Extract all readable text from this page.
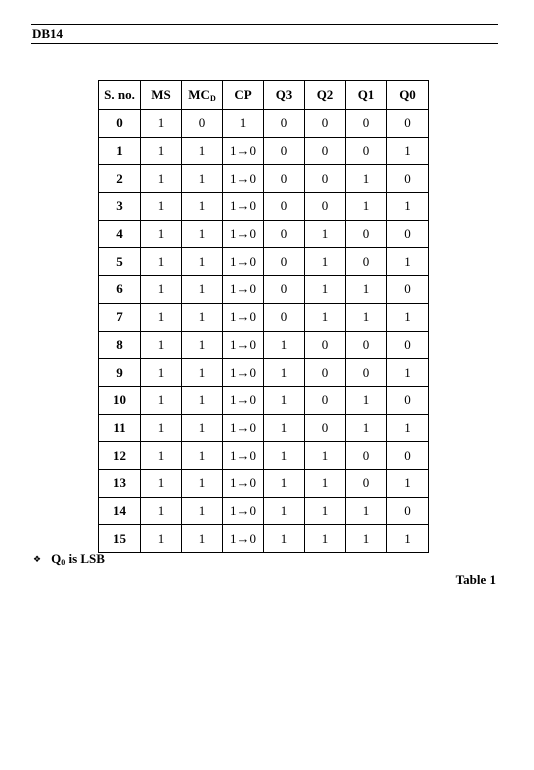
DB14
S. no.	MS	$MC_D$	CP	Q3	Q2	Q1	Q0
0	1	0	1	0	0	0	0
1	1	1	1→0	0	0	0	1
2	1	1	1→0	0	0	1	0
3	1	1	1→0	0	0	1	1
4	1	1	1→0	0	1	0	0
5	1	1	1→0	0	1	0	1
6	1	1	1→0	0	1	1	0
7	1	1	1→0	0	1	1	1
8	1	1	1→0	1	0	0	0
9	1	1	1→0	1	0	0	1
10	1	1	1→0	1	0	1	0
11	1	1	1→0	1	0	1	1
12	1	1	1→0	1	1	0	0
13	1	1	1→0	1	1	0	1
14	1	1	1→0	1	1	1	0
15	1	1	1→0	1	1	1	1
❖ $Q_0$ is LSB
Table 1
